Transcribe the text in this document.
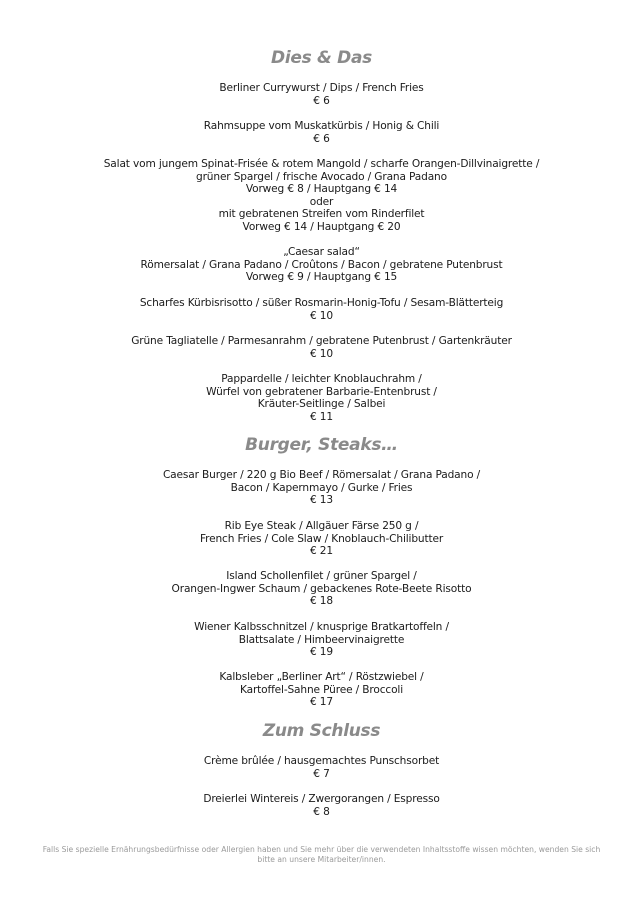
Dies & Das
Berliner Currywurst / Dips / French Fries
€ 6
Rahmsuppe vom Muskatkürbis / Honig & Chili
€ 6
Salat vom jungem Spinat-Frisée & rotem Mangold / scharfe Orangen-Dillvinaigrette /
grüner Spargel / frische Avocado / Grana Padano
Vorweg € 8 / Hauptgang € 14
oder
mit gebratenen Streifen vom Rinderfilet
Vorweg € 14 / Hauptgang € 20
„Caesar salad“
Römersalat / Grana Padano / Croûtons / Bacon / gebratene Putenbrust
Vorweg € 9 / Hauptgang € 15
Scharfes Kürbisrisotto / süßer Rosmarin-Honig-Tofu / Sesam-Blätterteig
€ 10
Grüne Tagliatelle / Parmesanrahm / gebratene Putenbrust / Gartenkräuter
€ 10
Pappardelle / leichter Knoblauchrahm /
Würfel von gebratener Barbarie-Entenbrust /
Kräuter-Seitlinge / Salbei
€ 11
Burger, Steaks…
Caesar Burger / 220 g Bio Beef / Römersalat / Grana Padano /
Bacon / Kapernmayo / Gurke / Fries
€ 13
Rib Eye Steak / Allgäuer Färse 250 g /
French Fries / Cole Slaw / Knoblauch-Chilibutter
€ 21
Island Schollenfilet / grüner Spargel /
Orangen-Ingwer Schaum / gebackenes Rote-Beete Risotto
€ 18
Wiener Kalbsschnitzel / knusprige Bratkartoffeln /
Blattsalate / Himbeervinaigrette
€ 19
Kalbsleber „Berliner Art“ / Röstzwiebel /
Kartoffel-Sahne Püree / Broccoli
€ 17
Zum Schluss
Crème brûlée / hausgemachtes Punschsorbet
€ 7
Dreierlei Wintereis / Zwergorangen / Espresso
€ 8
Falls Sie spezielle Ernährungsbedürfnisse oder Allergien haben und Sie mehr über die verwendeten Inhaltsstoffe wissen möchten, wenden Sie sich
bitte an unsere Mitarbeiter/innen.
